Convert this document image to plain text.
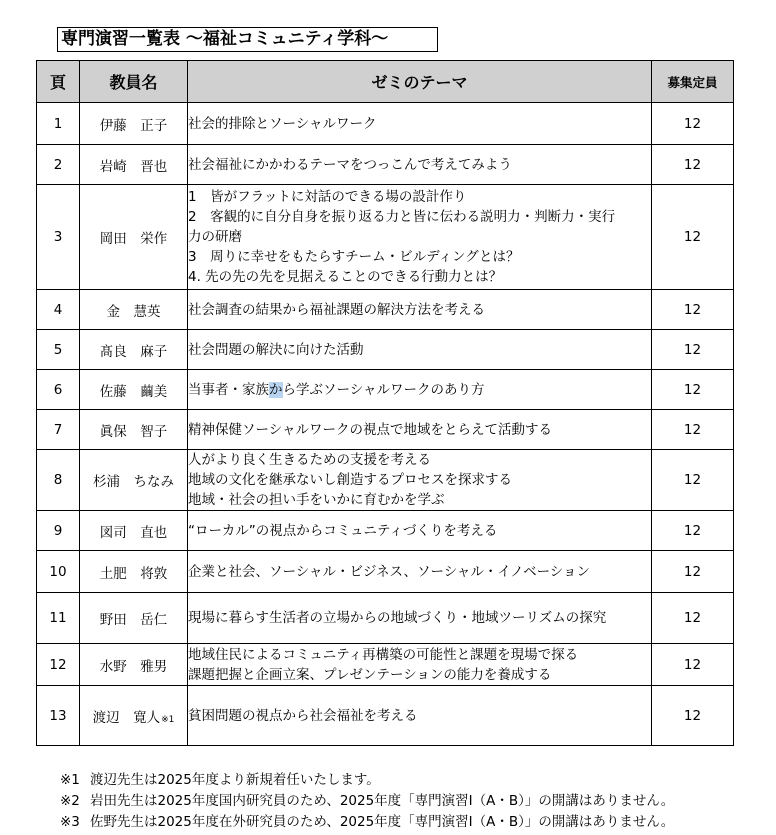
専門演習一覧表 ～福祉コミュニティ学科～
頁	教員名	ゼミのテーマ	募集定員
1	伊藤　正子	社会的排除とソーシャルワーク	12
2	岩崎　晋也	社会福祉にかかわるテーマをつっこんで考えてみよう	12
3	岡田　栄作	1　皆がフラットに対話のできる場の設計作り
2　客観的に自分自身を振り返る力と皆に伝わる説明力・判断力・実行
力の研磨
3　周りに幸せをもたらすチーム・ビルディングとは？
4. 先の先の先を見据えることのできる行動力とは？	12
4	金　慧英	社会調査の結果から福祉課題の解決方法を考える	12
5	髙良　麻子	社会問題の解決に向けた活動	12
6	佐藤　繭美	当事者・家族から学ぶソーシャルワークのあり方	12
7	眞保　智子	精神保健ソーシャルワークの視点で地域をとらえて活動する	12
8	杉浦　ちなみ	人がより良く生きるための支援を考える
地域の文化を継承ないし創造するプロセスを探求する
地域・社会の担い手をいかに育むかを学ぶ	12
9	図司　直也	“ローカル”の視点からコミュニティづくりを考える	12
10	土肥　将敦	企業と社会、ソーシャル・ビジネス、ソーシャル・イノベーション	12
11	野田　岳仁	現場に暮らす生活者の立場からの地域づくり・地域ツーリズムの探究	12
12	水野　雅男	地域住民によるコミュニティ再構築の可能性と課題を現場で探る
課題把握と企画立案、プレゼンテーションの能力を養成する	12
13	渡辺　寛人※1	貧困問題の視点から社会福祉を考える	12
※1 渡辺先生は2025年度より新規着任いたします。
※2 岩田先生は2025年度国内研究員のため、2025年度「専門演習Ⅰ（A・B）」の開講はありません。
※3 佐野先生は2025年度在外研究員のため、2025年度「専門演習Ⅰ（A・B）」の開講はありません。
